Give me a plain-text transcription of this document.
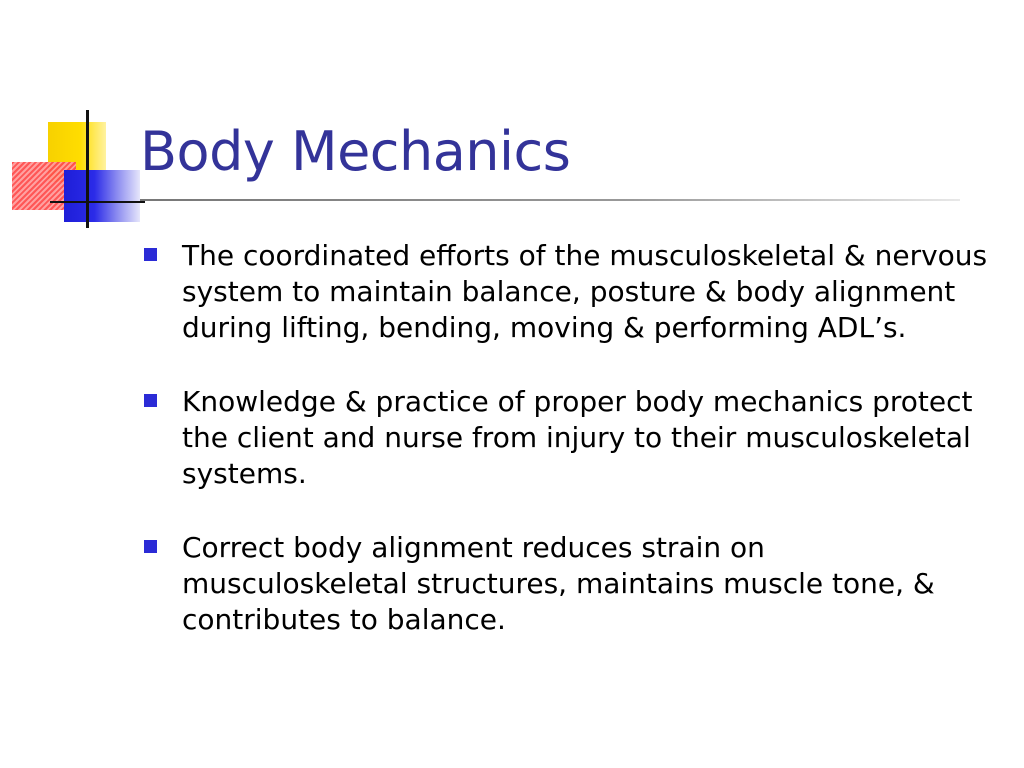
Body Mechanics
The coordinated efforts of the musculoskeletal & nervous system to maintain balance, posture & body alignment during lifting, bending, moving & performing ADL’s.
Knowledge & practice of proper body mechanics protect the client and nurse from injury to their musculoskeletal systems.
Correct body alignment reduces strain on musculoskeletal structures, maintains muscle tone, & contributes to balance.
